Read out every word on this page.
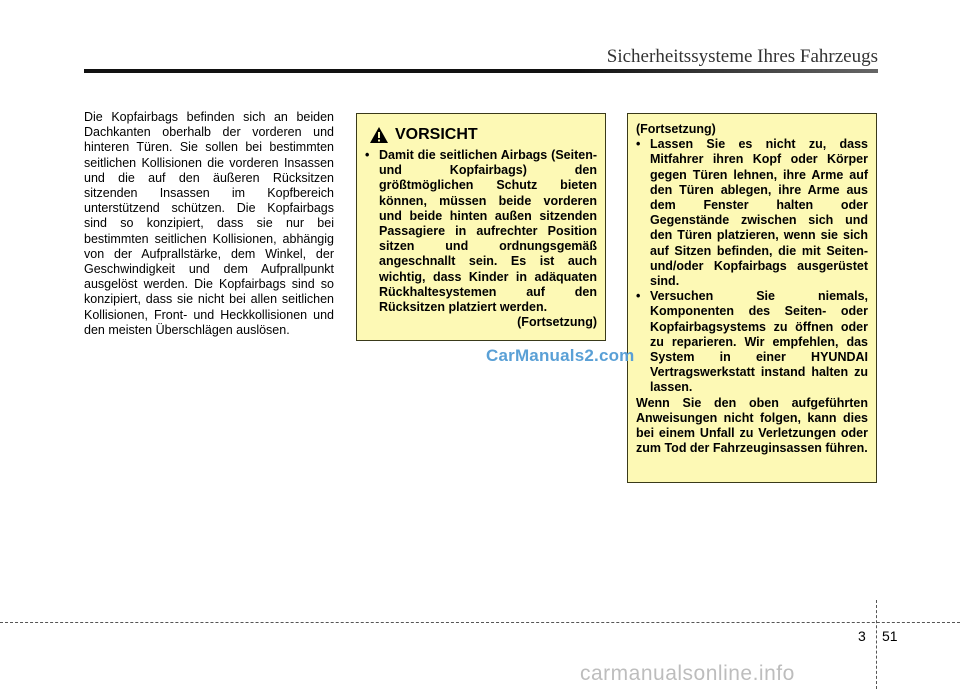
Sicherheitssysteme Ihres Fahrzeugs
Die Kopfairbags befinden sich an beiden Dachkanten oberhalb der vorderen und hinteren Türen. Sie sollen bei bestimmten seitlichen Kollisionen die vorderen Insassen und die auf den äußeren Rücksitzen sitzenden Insassen im Kopfbereich unterstützend schützen. Die Kopfairbags sind so konzipiert, dass sie nur bei bestimmten seitlichen Kollisionen, abhängig von der Aufprallstärke, dem Winkel, der Geschwindigkeit und dem Aufprallpunkt ausgelöst werden. Die Kopfairbags sind so konzipiert, dass sie nicht bei allen seitlichen Kollisionen, Front- und Heckkollisionen und den meisten Überschlägen auslösen.
VORSICHT
• Damit die seitlichen Airbags (Seiten- und Kopfairbags) den größtmöglichen Schutz bieten können, müssen beide vorderen und beide hinten außen sitzenden Passagiere in aufrechter Position sitzen und ordnungsgemäß angeschnallt sein. Es ist auch wichtig, dass Kinder in adäquaten Rückhaltesystemen auf den Rücksitzen platziert werden.
(Fortsetzung)
(Fortsetzung)
• Lassen Sie es nicht zu, dass Mitfahrer ihren Kopf oder Körper gegen Türen lehnen, ihre Arme auf den Türen ablegen, ihre Arme aus dem Fenster halten oder Gegenstände zwischen sich und den Türen platzieren, wenn sie sich auf Sitzen befinden, die mit Seiten- und/oder Kopfairbags ausgerüstet sind.
• Versuchen Sie niemals, Komponenten des Seiten- oder Kopfairbagsystems zu öffnen oder zu reparieren. Wir empfehlen, das System in einer HYUNDAI Vertragswerkstatt instand halten zu lassen.
Wenn Sie den oben aufgeführten Anweisungen nicht folgen, kann dies bei einem Unfall zu Verletzungen oder zum Tod der Fahrzeuginsassen führen.
CarManuals2.com
3 51
carmanualsonline.info
